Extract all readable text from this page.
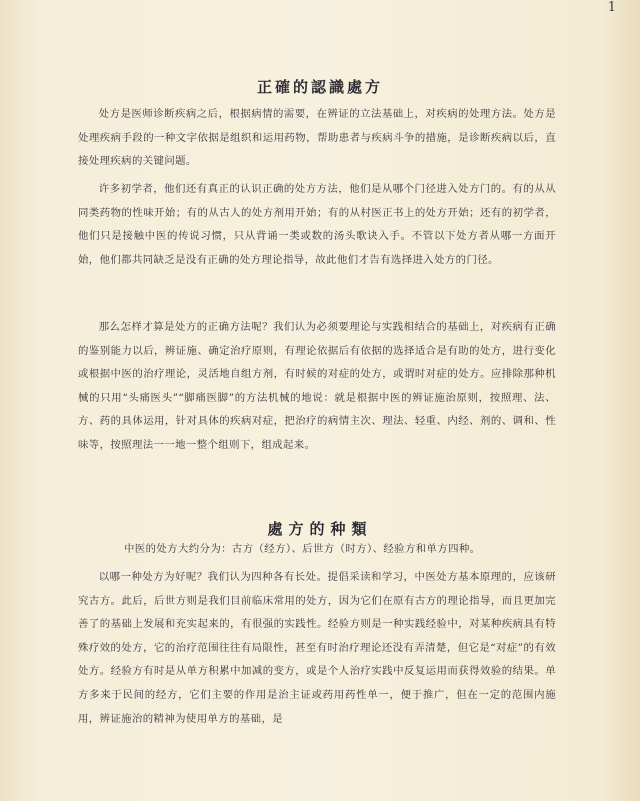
1
正確的認識處方
处方是医师诊断疾病之后，根据病情的需要，在辨证的立法基础上，对疾病的处理方法。处方是处理疾病手段的一种文字依据是组织和运用药物，帮助患者与疾病斗争的措施，是诊断疾病以后，直接处理疾病的关键问题。
许多初学者，他们还有真正的认识正确的处方方法，他们是从哪个门径进入处方门的。有的从从同类药物的性味开始；有的从古人的处方剂用开始；有的从村医正书上的处方开始；还有的初学者，他们只是接触中医的传说习惯，只从背诵一类或数的汤头歌诀入手。不管以下处方者从哪一方面开始，他们都共同缺乏是没有正确的处方理论指导，故此他们才告有选择进入处方的门径。
那么怎样才算是处方的正确方法呢？我们认为必须要理论与实践相结合的基础上，对疾病有正确的鉴别能力以后，辨证施、确定治疗原则，有理论依据后有依据的选择适合是有助的处方，进行变化或根据中医的治疗理论，灵活地自组方剂，有时候的对症的处方，或谓时对症的处方。应排除那种机械的只用“头痛医头”“脚痛医脚”的方法机械的地说：就是根据中医的辨证施治原则，按照理、法、方、药的具体运用，针对具体的疾病对症，把治疗的病情主次、理法、轻重、内经、剂的、调和、性味等，按照理法一一地一整个组则下，组成起来。
處方的种類
中医的处方大约分为：古方（经方）、后世方（时方）、经验方和单方四种。
以哪一种处方为好呢？我们认为四种各有长处。提倡采读和学习，中医处方基本原理的，应该研究古方。此后，后世方则是我们目前临床常用的处方，因为它们在原有古方的理论指导，而且更加完善了的基础上发展和充实起来的，有很强的实践性。经验方则是一种实践经验中，对某种疾病具有特殊疗效的处方，它的治疗范围往往有局限性，甚至有时治疗理论还没有弄清楚，但它是“对症”的有效处方。经验方有时是从单方积累中加减的变方，或是个人治疗实践中反复运用而获得效验的结果。单方多来于民间的经方，它们主要的作用是治主证或药用药性单一，便于推广，但在一定的范围内施用，辨证施治的精神为使用单方的基础，是
